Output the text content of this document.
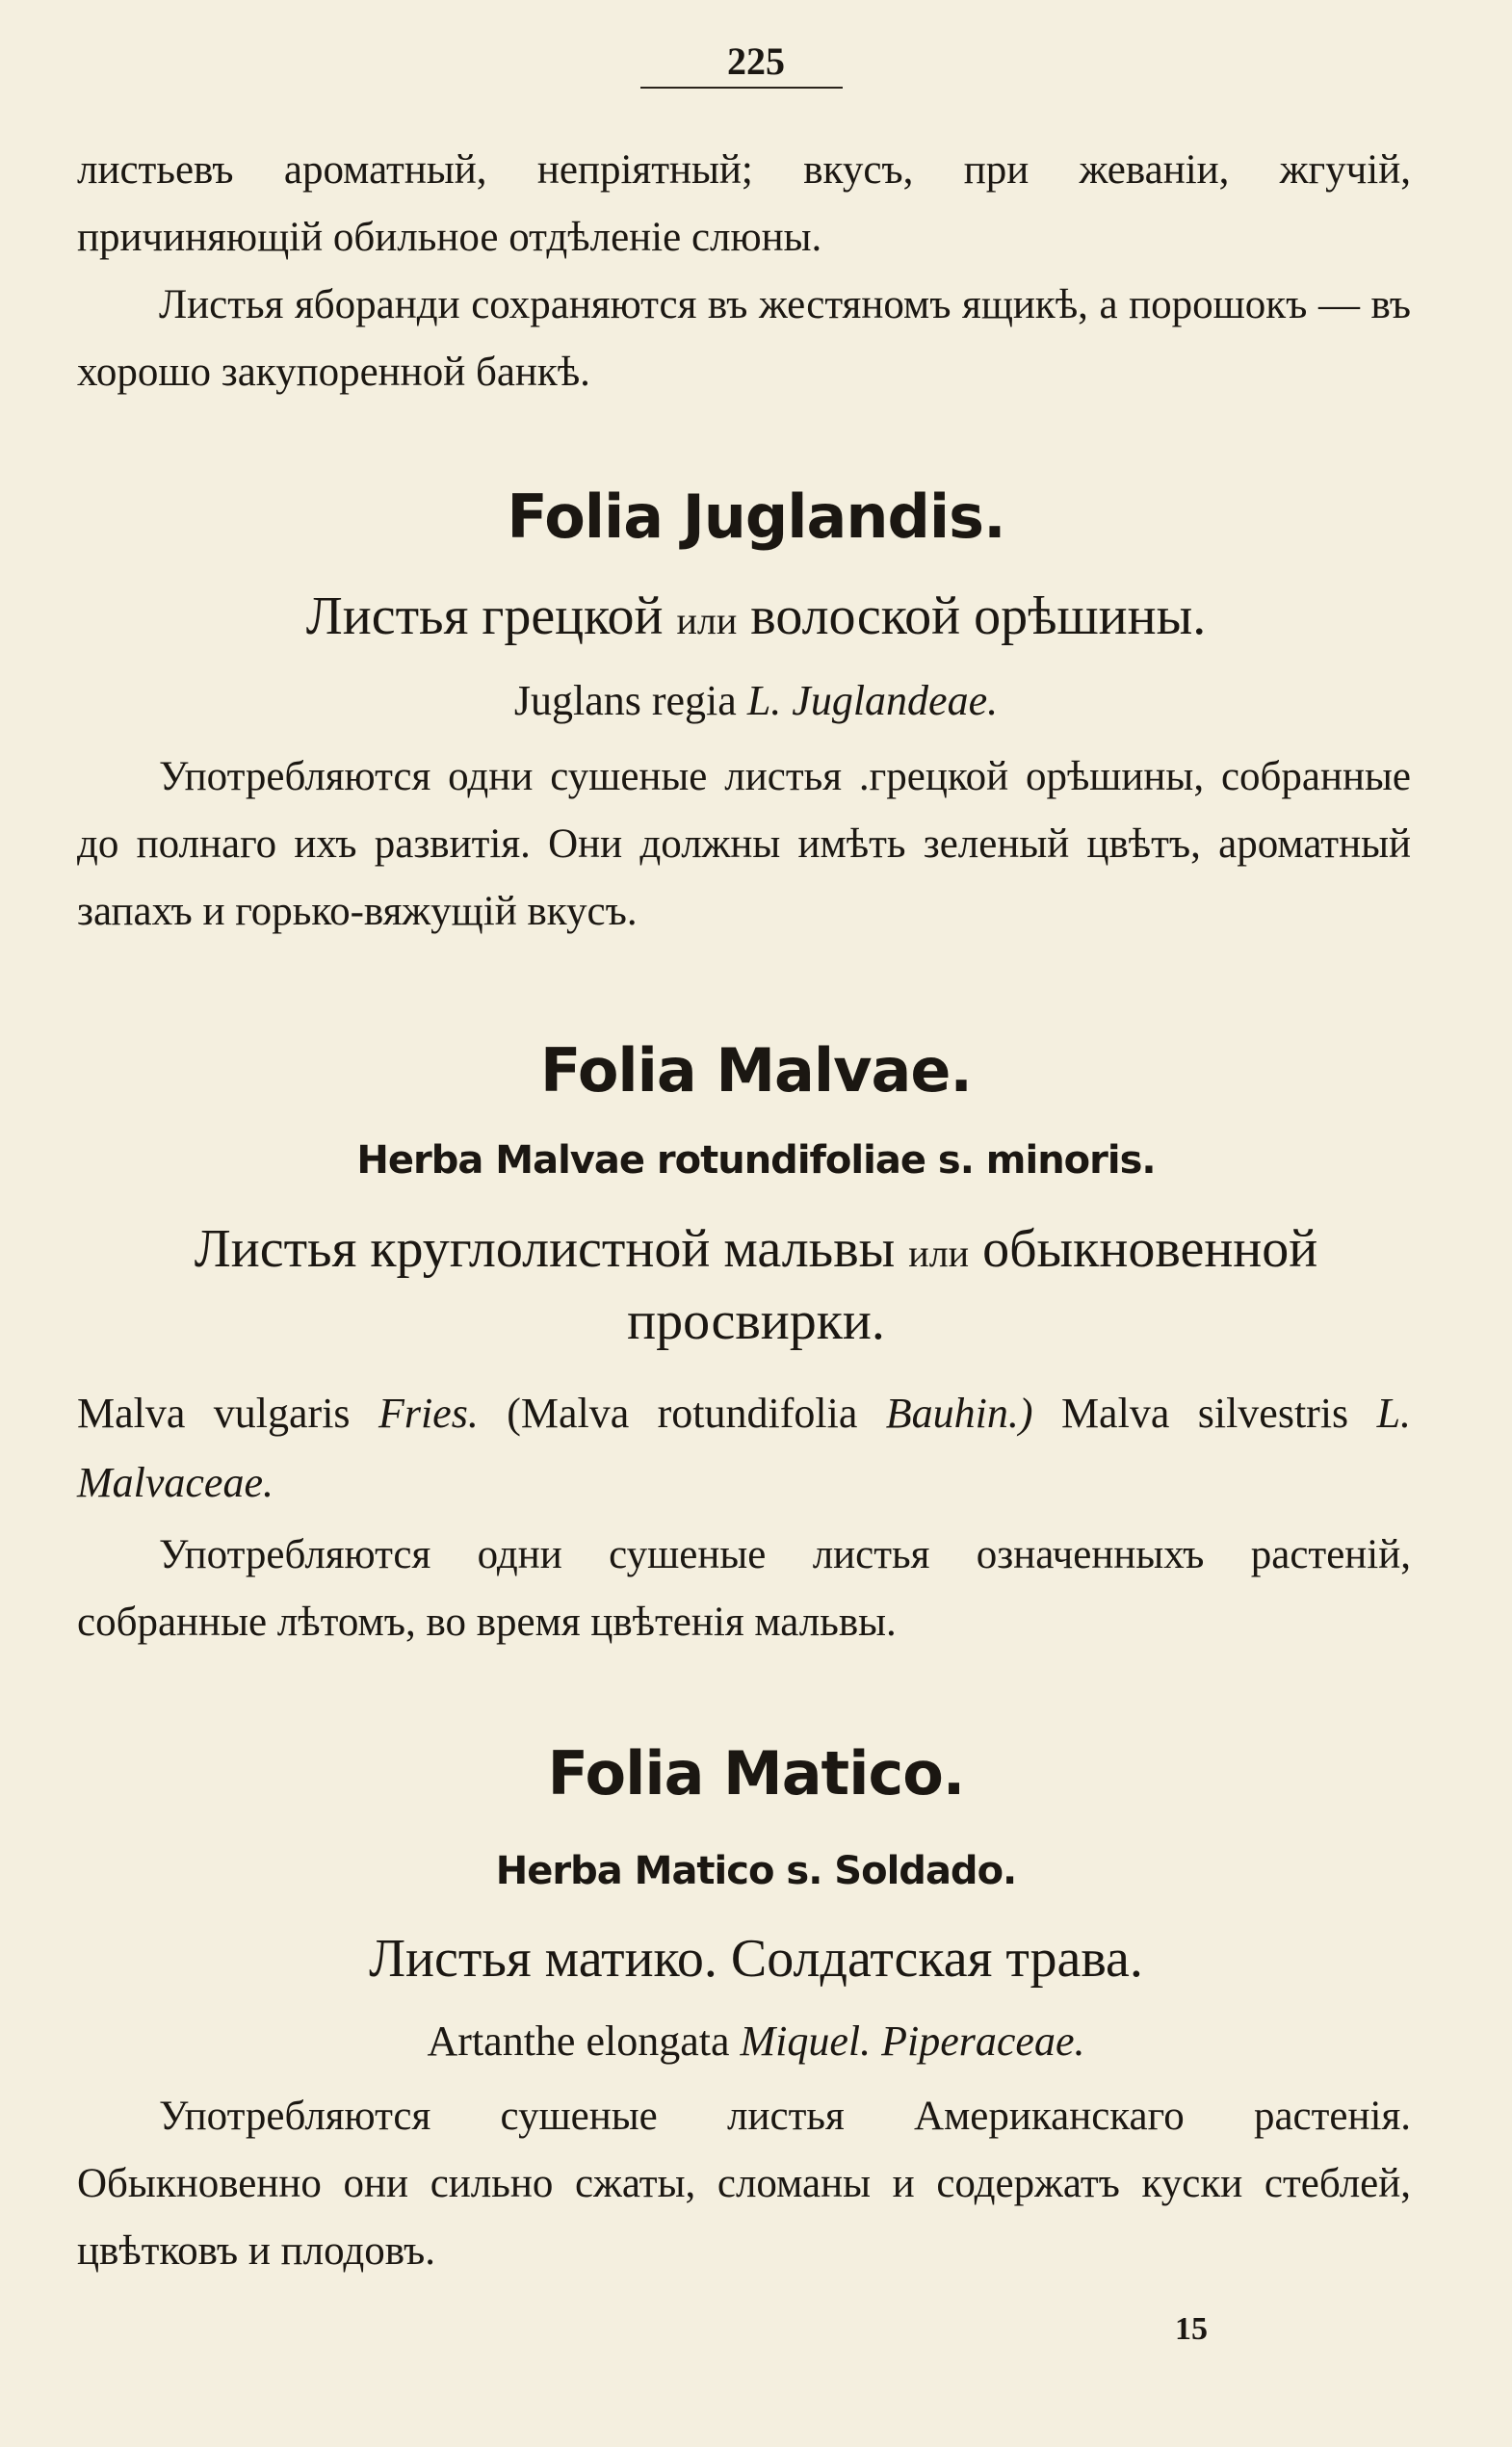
225

листьевъ ароматный, непріятный; вкусъ, при жеваніи, жгучій,

причиняющій обильное отдѣленіе слюны.

Листья яборанди сохраняются въ жестяномъ ящикѣ, а порошокъ — въ хорошо закупоренной банкѣ.

Folia Juglandis.
Листья грецкой или волоской орѣшины.
Juglans regia L. Juglandeae.

Употребляются одни сушеные листья .грецкой орѣшины, собранные до полнаго ихъ развитія. Они должны имѣть зеленый цвѣтъ, ароматный запахъ и горько-вяжущій вкусъ.

Folia Malvae.
Herba Malvae rotundifoliae s. minoris.
Листья круглолистной мальвы или обыкновенной
просвирки.
Malva vulgaris Fries. (Malva rotundifolia Bauhin.) Malva silvestris L. Malvaceae.

Употребляются одни сушеные листья означенныхъ растеній, собранные лѣтомъ, во время цвѣтенія мальвы.

Folia Matico.
Herba Matico s. Soldado.
Листья матико. Солдатская трава.
Artanthe elongata Miquel. Piperaceae.

Употребляются сушеные листья Американскаго растенія. Обыкновенно они сильно сжаты, сломаны и содержатъ куски стеблей, цвѣтковъ и плодовъ.

15
